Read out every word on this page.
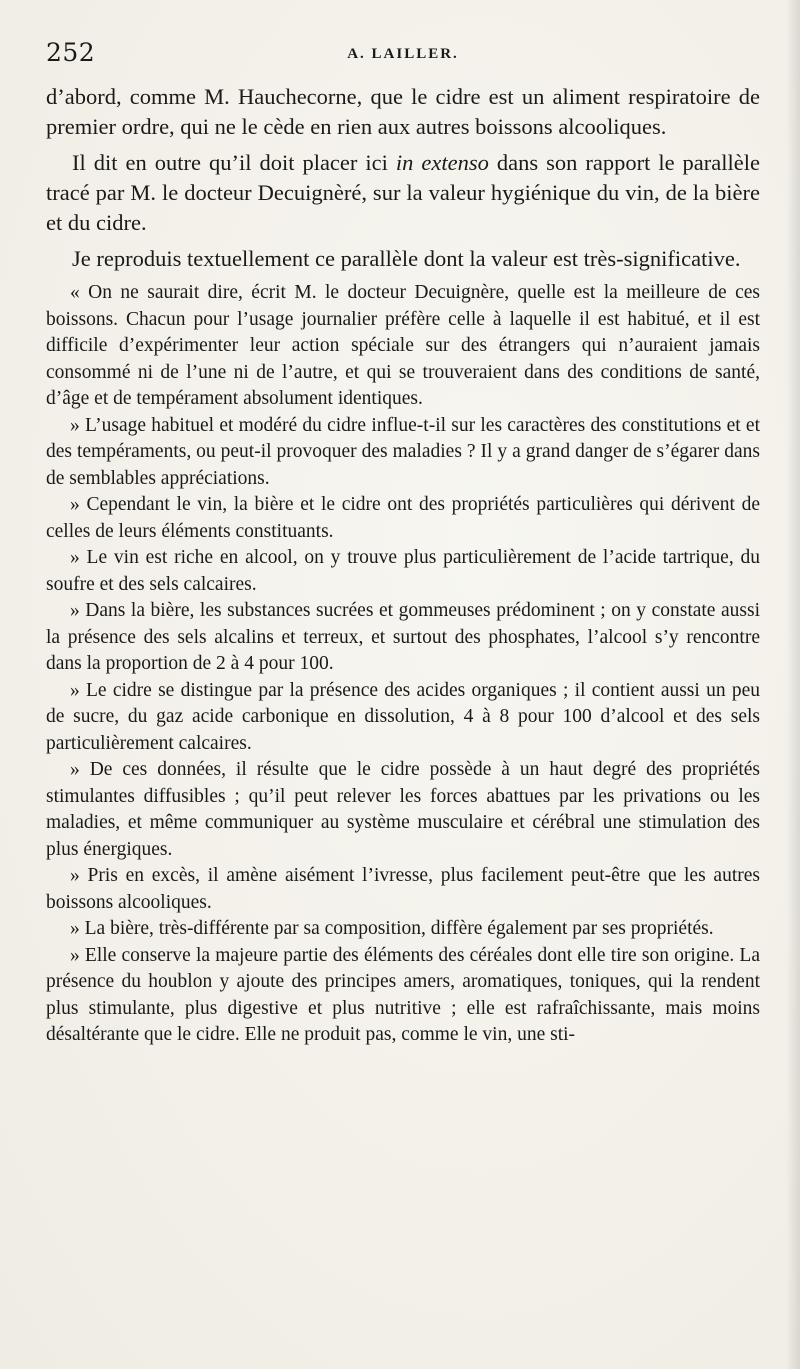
252	A. LAILLER.

d’abord, comme M. Hauchecorne, que le cidre est un aliment respiratoire de premier ordre, qui ne le cède en rien aux autres boissons alcooliques.

Il dit en outre qu’il doit placer ici in extenso dans son rapport le parallèle tracé par M. le docteur Decuignèré, sur la valeur hygiénique du vin, de la bière et du cidre.

Je reproduis textuellement ce parallèle dont la valeur est très-significative.

« On ne saurait dire, écrit M. le docteur Decuignère, quelle est la meilleure de ces boissons. Chacun pour l’usage journalier préfère celle à laquelle il est habitué, et il est difficile d’expérimenter leur action spéciale sur des étrangers qui n’auraient jamais consommé ni de l’une ni de l’autre, et qui se trouveraient dans des conditions de santé, d’âge et de tempérament absolument identiques.

» L’usage habituel et modéré du cidre influe-t-il sur les caractères des constitutions et et des tempéraments, ou peut-il provoquer des maladies ? Il y a grand danger de s’égarer dans de semblables appréciations.

» Cependant le vin, la bière et le cidre ont des propriétés particulières qui dérivent de celles de leurs éléments constituants.

» Le vin est riche en alcool, on y trouve plus particulièrement de l’acide tartrique, du soufre et des sels calcaires.

» Dans la bière, les substances sucrées et gommeuses prédominent ; on y constate aussi la présence des sels alcalins et terreux, et surtout des phosphates, l’alcool s’y rencontre dans la proportion de 2 à 4 pour 100.

» Le cidre se distingue par la présence des acides organiques ; il contient aussi un peu de sucre, du gaz acide carbonique en dissolution, 4 à 8 pour 100 d’alcool et des sels particulièrement calcaires.

» De ces données, il résulte que le cidre possède à un haut degré des propriétés stimulantes diffusibles ; qu’il peut relever les forces abattues par les privations ou les maladies, et même communiquer au système musculaire et cérébral une stimulation des plus énergiques.

» Pris en excès, il amène aisément l’ivresse, plus facilement peut-être que les autres boissons alcooliques.

» La bière, très-différente par sa composition, diffère également par ses propriétés.

» Elle conserve la majeure partie des éléments des céréales dont elle tire son origine. La présence du houblon y ajoute des principes amers, aromatiques, toniques, qui la rendent plus stimulante, plus digestive et plus nutritive ; elle est rafraîchissante, mais moins désaltérante que le cidre. Elle ne produit pas, comme le vin, une sti-
